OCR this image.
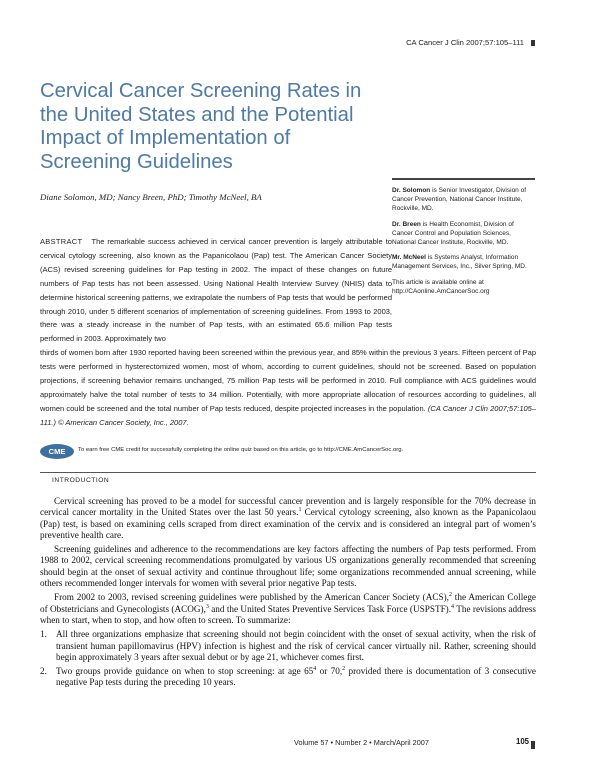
CA Cancer J Clin 2007;57:105–111
Cervical Cancer Screening Rates in the United States and the Potential Impact of Implementation of Screening Guidelines
Diane Solomon, MD; Nancy Breen, PhD; Timothy McNeel, BA

Dr. Solomon is Senior Investigator, Division of Cancer Prevention, National Cancer Institute, Rockville, MD.

Dr. Breen is Health Economist, Division of Cancer Control and Population Sciences, National Cancer Institute, Rockville, MD.

Mr. McNeel is Systems Analyst, Information Management Services, Inc., Silver Spring, MD.

This article is available online at http://CAonline.AmCancerSoc.org

ABSTRACT The remarkable success achieved in cervical cancer prevention is largely attributable to cervical cytology screening, also known as the Papanicolaou (Pap) test. The American Cancer Society (ACS) revised screening guidelines for Pap testing in 2002. The impact of these changes on future numbers of Pap tests has not been assessed. Using National Health Interview Survey (NHIS) data to determine historical screening patterns, we extrapolate the numbers of Pap tests that would be performed through 2010, under 5 different scenarios of implementation of screening guidelines. From 1993 to 2003, there was a steady increase in the number of Pap tests, with an estimated 65.6 million Pap tests performed in 2003. Approximately two

thirds of women born after 1930 reported having been screened within the previous year, and 85% within the previous 3 years. Fifteen percent of Pap tests were performed in hysterectomized women, most of whom, according to current guidelines, should not be screened. Based on population projections, if screening behavior remains unchanged, 75 million Pap tests will be performed in 2010. Full compliance with ACS guidelines would approximately halve the total number of tests to 34 million. Potentially, with more appropriate allocation of resources according to guidelines, all women could be screened and the total number of Pap tests reduced, despite projected increases in the population. (CA Cancer J Clin 2007;57:105–111.) © American Cancer Society, Inc., 2007.

CME	To earn free CME credit for successfully completing the online quiz based on this article, go to http://CME.AmCancerSoc.org.
INTRODUCTION

Cervical screening has proved to be a model for successful cancer prevention and is largely responsible for the 70% decrease in cervical cancer mortality in the United States over the last 50 years.$^1$ Cervical cytology screening, also known as the Papanicolaou (Pap) test, is based on examining cells scraped from direct examination of the cervix and is considered an integral part of women’s preventive health care.

Screening guidelines and adherence to the recommendations are key factors affecting the numbers of Pap tests performed. From 1988 to 2002, cervical screening recommendations promulgated by various US organizations generally recommended that screening should begin at the onset of sexual activity and continue throughout life; some organizations recommended annual screening, while others recommended longer intervals for women with several prior negative Pap tests.

From 2002 to 2003, revised screening guidelines were published by the American Cancer Society (ACS),$^2$ the American College of Obstetricians and Gynecologists (ACOG),$^3$ and the United States Preventive Services Task Force (USPSTF).$^4$ The revisions address when to start, when to stop, and how often to screen. To summarize:

1. All three organizations emphasize that screening should not begin coincident with the onset of sexual activity, when the risk of transient human papillomavirus (HPV) infection is highest and the risk of cervical cancer virtually nil. Rather, screening should begin approximately 3 years after sexual debut or by age 21, whichever comes first.
2. Two groups provide guidance on when to stop screening: at age $65^4$ or 70,$^2$ provided there is documentation of 3 consecutive negative Pap tests during the preceding 10 years.
Volume 57 • Number 2 • March/April 2007	105
